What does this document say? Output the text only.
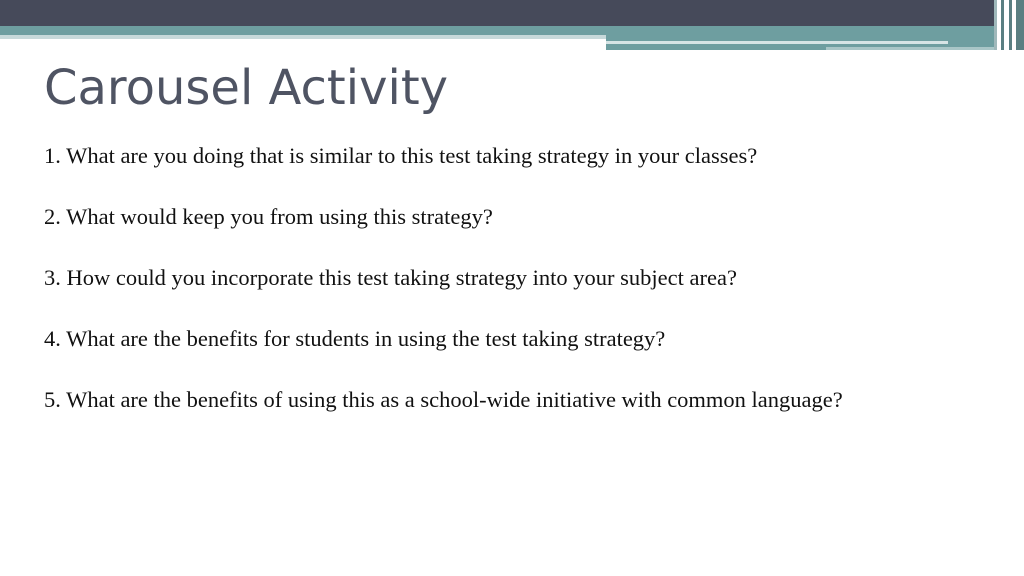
Carousel Activity
1. What are you doing that is similar to this test taking strategy in your classes?
2. What would keep you from using this strategy?
3. How could you incorporate this test taking strategy into your subject area?
4. What are the benefits for students in using the test taking strategy?
5. What are the benefits of using this as a school-wide initiative with common language?
